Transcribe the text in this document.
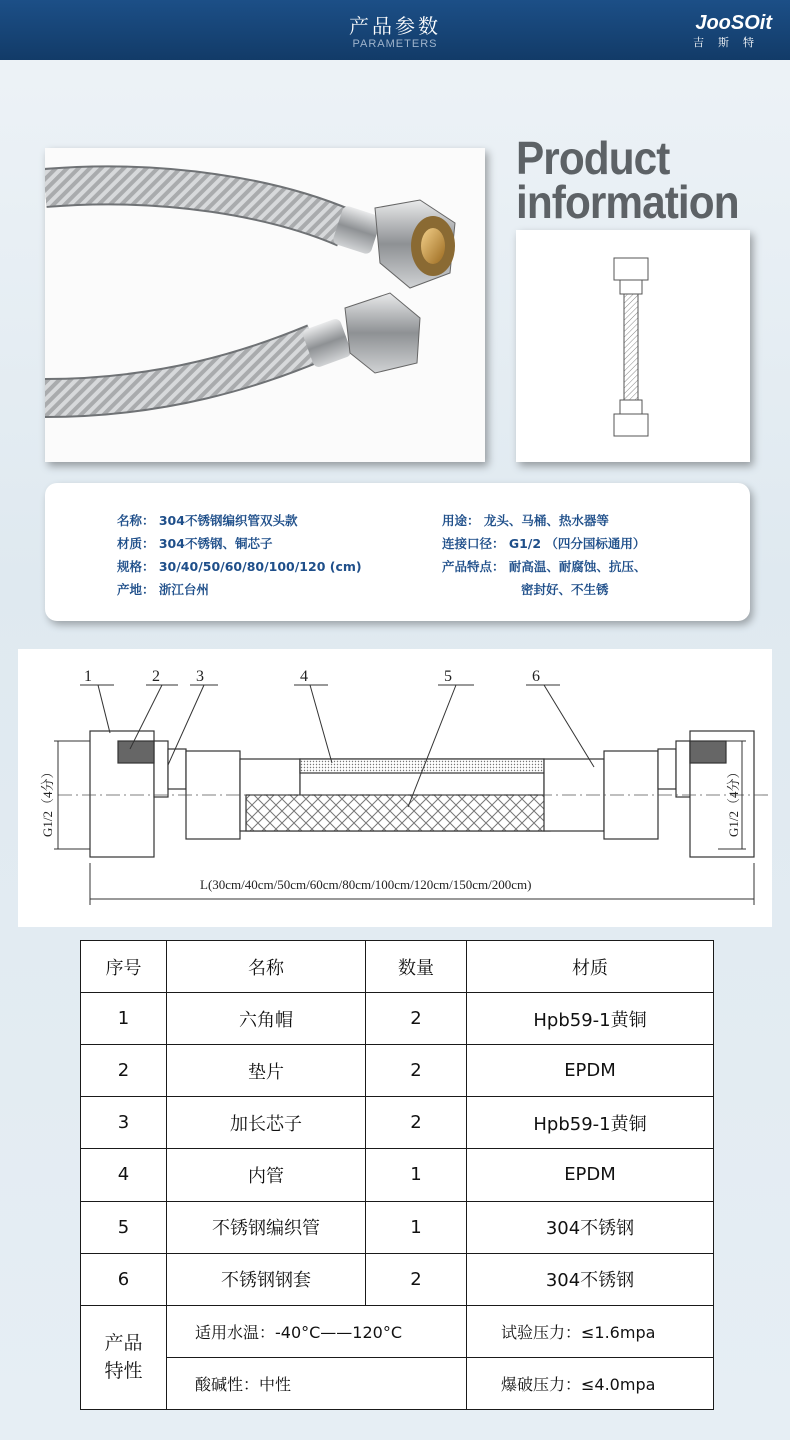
产品参数
PARAMETERS
JooSOit
吉斯特
Product
information
名称： 304不锈钢编织管双头款
材质： 304不锈钢、铜芯子
规格： 30/40/50/60/80/100/120 (cm)
产地： 浙江台州
用途： 龙头、马桶、热水器等
连接口径： G1/2 （四分国标通用）
产品特点： 耐高温、耐腐蚀、抗压、
密封好、不生锈
1	2 3	4	5	6
G1/2（4分）	G1/2（4分）
L(30cm/40cm/50cm/60cm/80cm/100cm/120cm/150cm/200cm)
序号	名称	数量	材质
1	六角帽	2	Hpb59-1黄铜
2	垫片	2	EPDM
3	加长芯子	2	Hpb59-1黄铜
4	内管	1	EPDM
5	不锈钢编织管	1	304不锈钢
6	不锈钢钢套	2	304不锈钢

产品
特性	适用水温：-40°C——120°C		试验压力：≤1.6mpa
	酸碱性：中性		爆破压力：≤4.0mpa
